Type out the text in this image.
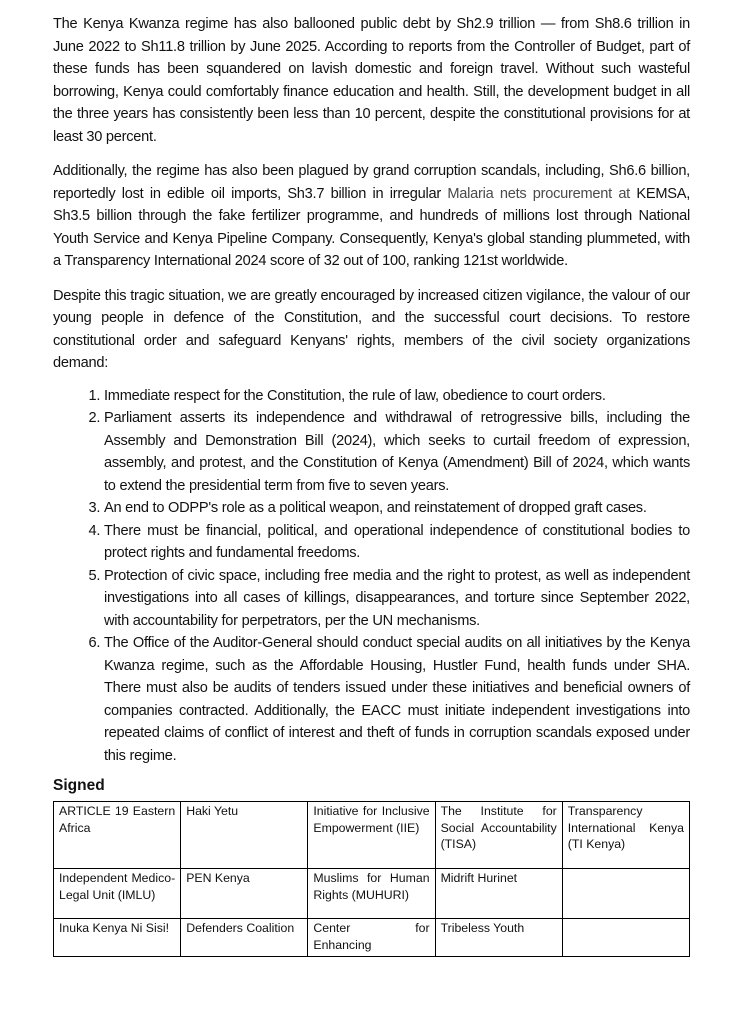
The Kenya Kwanza regime has also ballooned public debt by Sh2.9 trillion — from Sh8.6 trillion in June 2022 to Sh11.8 trillion by June 2025. According to reports from the Controller of Budget, part of these funds has been squandered on lavish domestic and foreign travel. Without such wasteful borrowing, Kenya could comfortably finance education and health. Still, the development budget in all the three years has consistently been less than 10 percent, despite the constitutional provisions for at least 30 percent.

Additionally, the regime has also been plagued by grand corruption scandals, including, Sh6.6 billion, reportedly lost in edible oil imports, Sh3.7 billion in irregular Malaria nets procurement at KEMSA, Sh3.5 billion through the fake fertilizer programme, and hundreds of millions lost through National Youth Service and Kenya Pipeline Company. Consequently, Kenya's global standing plummeted, with a Transparency International 2024 score of 32 out of 100, ranking 121st worldwide.

Despite this tragic situation, we are greatly encouraged by increased citizen vigilance, the valour of our young people in defence of the Constitution, and the successful court decisions. To restore constitutional order and safeguard Kenyans' rights, members of the civil society organizations demand:

1. Immediate respect for the Constitution, the rule of law, obedience to court orders.
2. Parliament asserts its independence and withdrawal of retrogressive bills, including the Assembly and Demonstration Bill (2024), which seeks to curtail freedom of expression, assembly, and protest, and the Constitution of Kenya (Amendment) Bill of 2024, which wants to extend the presidential term from five to seven years.
3. An end to ODPP's role as a political weapon, and reinstatement of dropped graft cases.
4. There must be financial, political, and operational independence of constitutional bodies to protect rights and fundamental freedoms.
5. Protection of civic space, including free media and the right to protest, as well as independent investigations into all cases of killings, disappearances, and torture since September 2022, with accountability for perpetrators, per the UN mechanisms.
6. The Office of the Auditor-General should conduct special audits on all initiatives by the Kenya Kwanza regime, such as the Affordable Housing, Hustler Fund, health funds under SHA. There must also be audits of tenders issued under these initiatives and beneficial owners of companies contracted. Additionally, the EACC must initiate independent investigations into repeated claims of conflict of interest and theft of funds in corruption scandals exposed under this regime.
Signed
ARTICLE 19 Eastern Africa	Haki Yetu	Initiative for Inclusive Empowerment (IIE)	The Institute for Social Accountability (TISA)	Transparency International Kenya (TI Kenya)
Independent Medico-Legal Unit (IMLU)	PEN Kenya	Muslims for Human Rights (MUHURI)	Midrift Hurinet	
Inuka Kenya Ni Sisi!	Defenders Coalition	Center for Enhancing	Tribeless Youth	
